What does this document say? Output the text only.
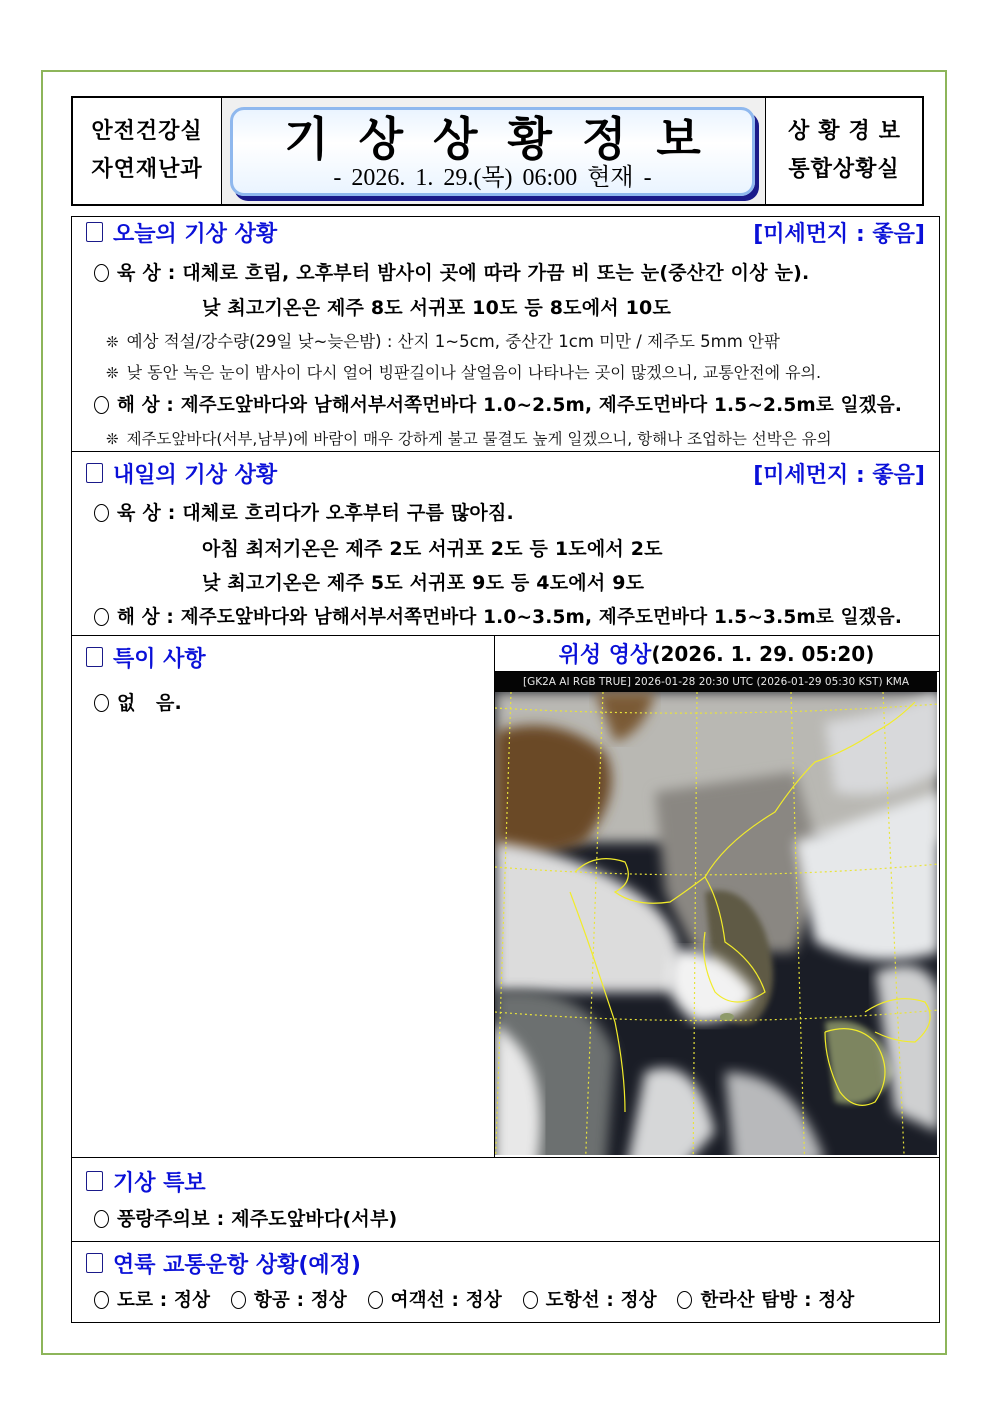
안전건강실
자연재난과
기상상황정보
- 2026. 1. 29.(목) 06:00 현재 -
상황경보
통합상황실
오늘의 기상 상황	[미세먼지 : 좋음]
육 상 : 대체로 흐림, 오후부터 밤사이 곳에 따라 가끔 비 또는 눈(중산간 이상 눈).
낮 최고기온은 제주 8도 서귀포 10도 등 8도에서 10도
❊ 예상 적설/강수량(29일 낮~늦은밤) : 산지 1~5cm, 중산간 1cm 미만 / 제주도 5mm 안팎
❊ 낮 동안 녹은 눈이 밤사이 다시 얼어 빙판길이나 살얼음이 나타나는 곳이 많겠으니, 교통안전에 유의.
해 상 : 제주도앞바다와 남해서부서쪽먼바다 1.0~2.5m, 제주도먼바다 1.5~2.5m로 일겠음.
❊ 제주도앞바다(서부,남부)에 바람이 매우 강하게 불고 물결도 높게 일겠으니, 항해나 조업하는 선박은 유의
내일의 기상 상황	[미세먼지 : 좋음]
육 상 : 대체로 흐리다가 오후부터 구름 많아짐.
아침 최저기온은 제주 2도 서귀포 2도 등 1도에서 2도
낮 최고기온은 제주 5도 서귀포 9도 등 4도에서 9도
해 상 : 제주도앞바다와 남해서부서쪽먼바다 1.0~3.5m, 제주도먼바다 1.5~3.5m로 일겠음.
특이 사항
없   음.
위성 영상 (2026. 1. 29. 05:20)
[GK2A AI RGB TRUE] 2026-01-28 20:30 UTC (2026-01-29 05:30 KST) KMA
기상 특보
풍랑주의보 : 제주도앞바다(서부)
연륙 교통운항 상황(예정)
도로 : 정상 항공 : 정상 여객선 : 정상 도항선 : 정상 한라산 탐방 : 정상
